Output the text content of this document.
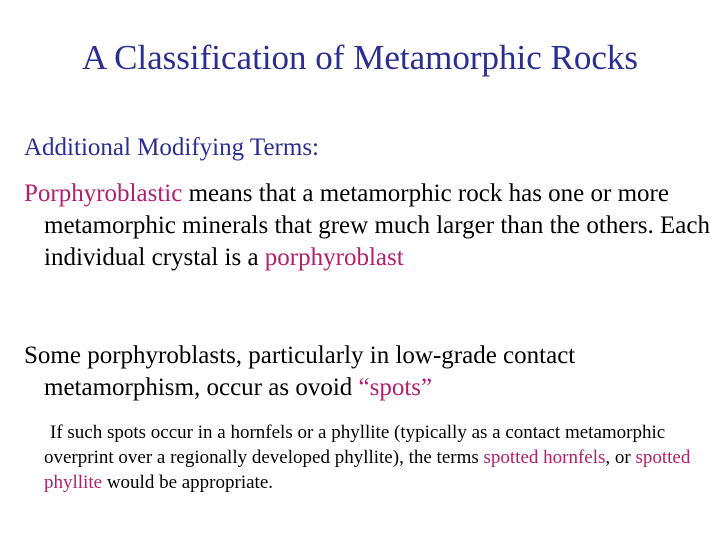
A Classification of Metamorphic Rocks
Additional Modifying Terms:
Porphyroblastic means that a metamorphic rock has one or more metamorphic minerals that grew much larger than the others. Each individual crystal is a porphyroblast
Some porphyroblasts, particularly in low-grade contact metamorphism, occur as ovoid “spots”
If such spots occur in a hornfels or a phyllite (typically as a contact metamorphic overprint over a regionally developed phyllite), the terms spotted hornfels, or spotted phyllite would be appropriate.
